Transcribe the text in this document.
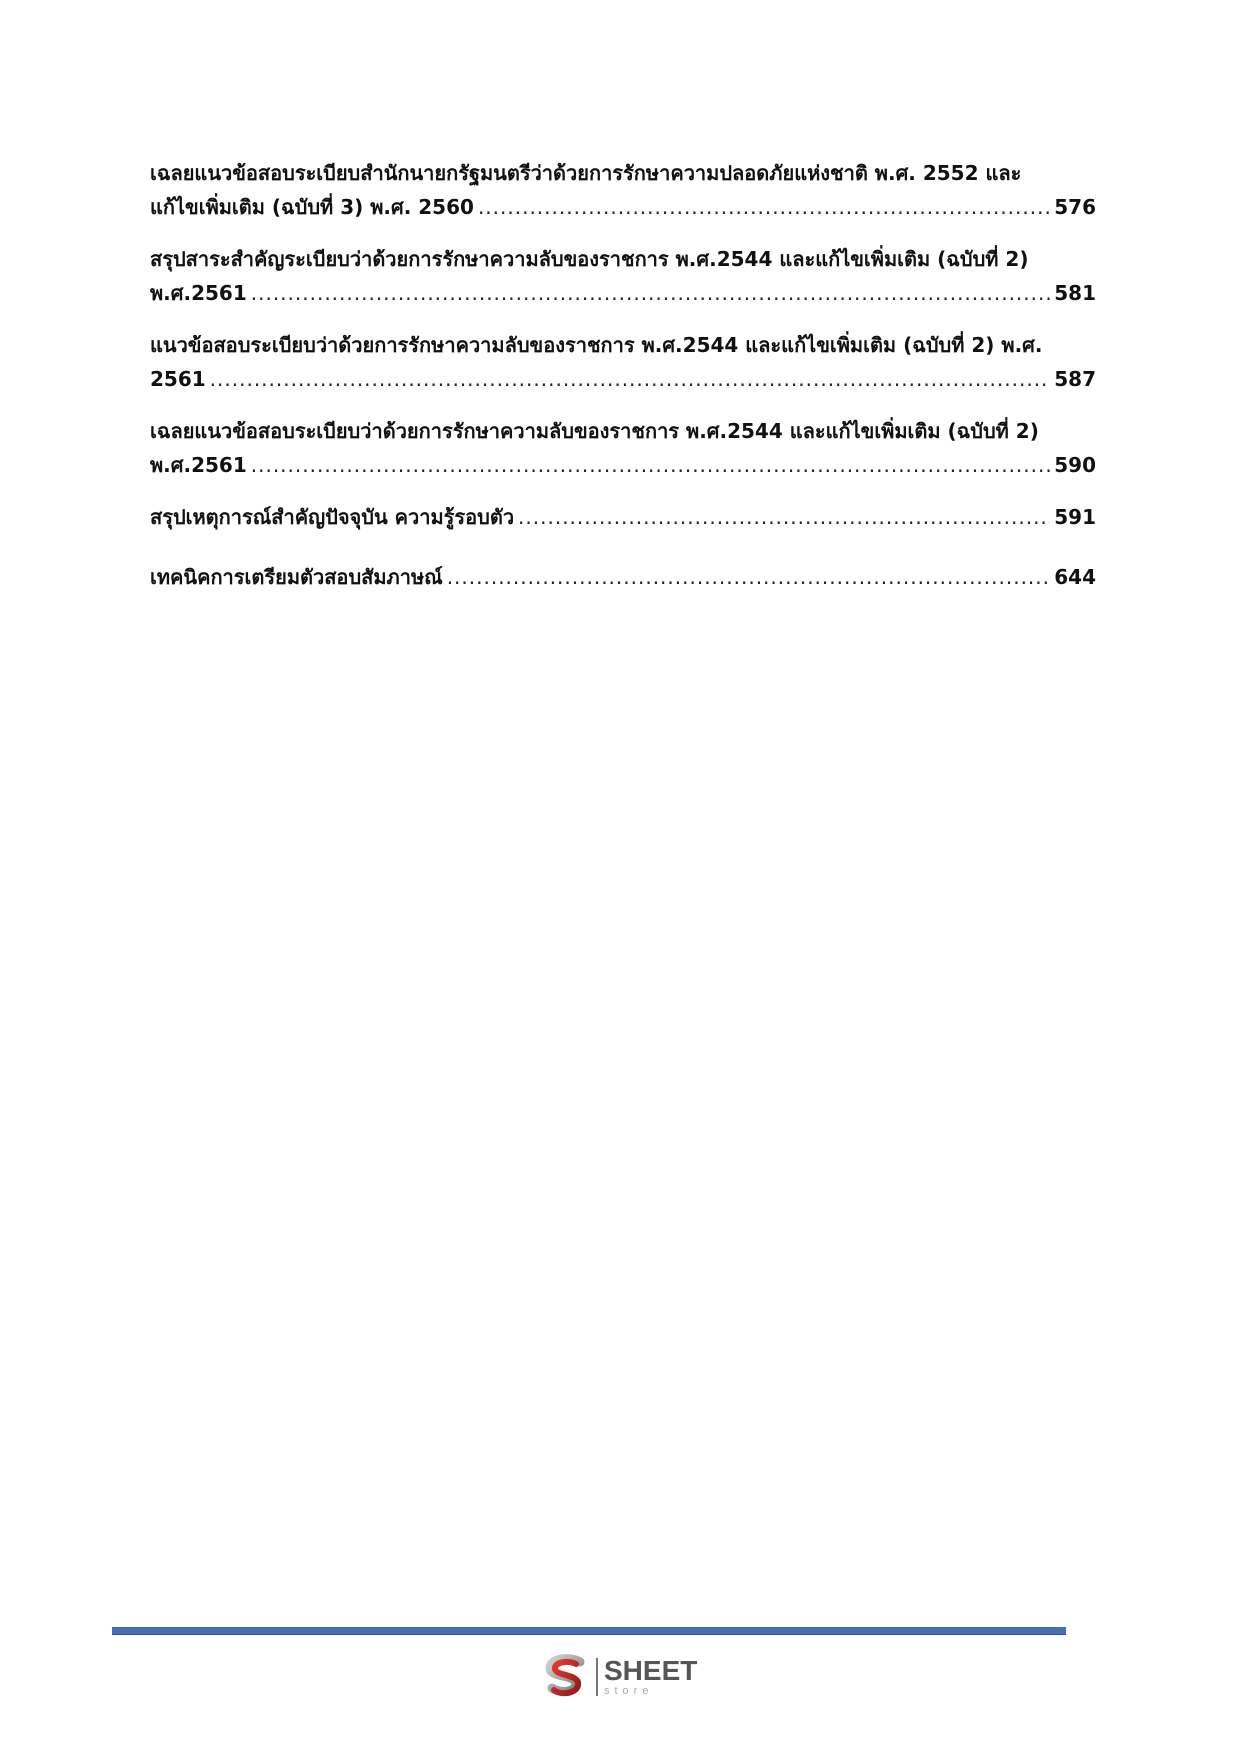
เฉลยแนวข้อสอบระเบียบสำนักนายกรัฐมนตรีว่าด้วยการรักษาความปลอดภัยแห่งชาติ พ.ศ. 2552 และ
แก้ไขเพิ่มเติม (ฉบับที่ 3) พ.ศ. 2560 .....	576
สรุปสาระสำคัญระเบียบว่าด้วยการรักษาความลับของราชการ พ.ศ.2544 และแก้ไขเพิ่มเติม (ฉบับที่ 2)
พ.ศ.2561 .....	581
แนวข้อสอบระเบียบว่าด้วยการรักษาความลับของราชการ พ.ศ.2544 และแก้ไขเพิ่มเติม (ฉบับที่ 2) พ.ศ.
2561 .....	587
เฉลยแนวข้อสอบระเบียบว่าด้วยการรักษาความลับของราชการ พ.ศ.2544 และแก้ไขเพิ่มเติม (ฉบับที่ 2)
พ.ศ.2561 .....	590
สรุปเหตุการณ์สำคัญปัจจุบัน ความรู้รอบตัว .....	591
เทคนิคการเตรียมตัวสอบสัมภาษณ์ .....	644
SHEET
store
